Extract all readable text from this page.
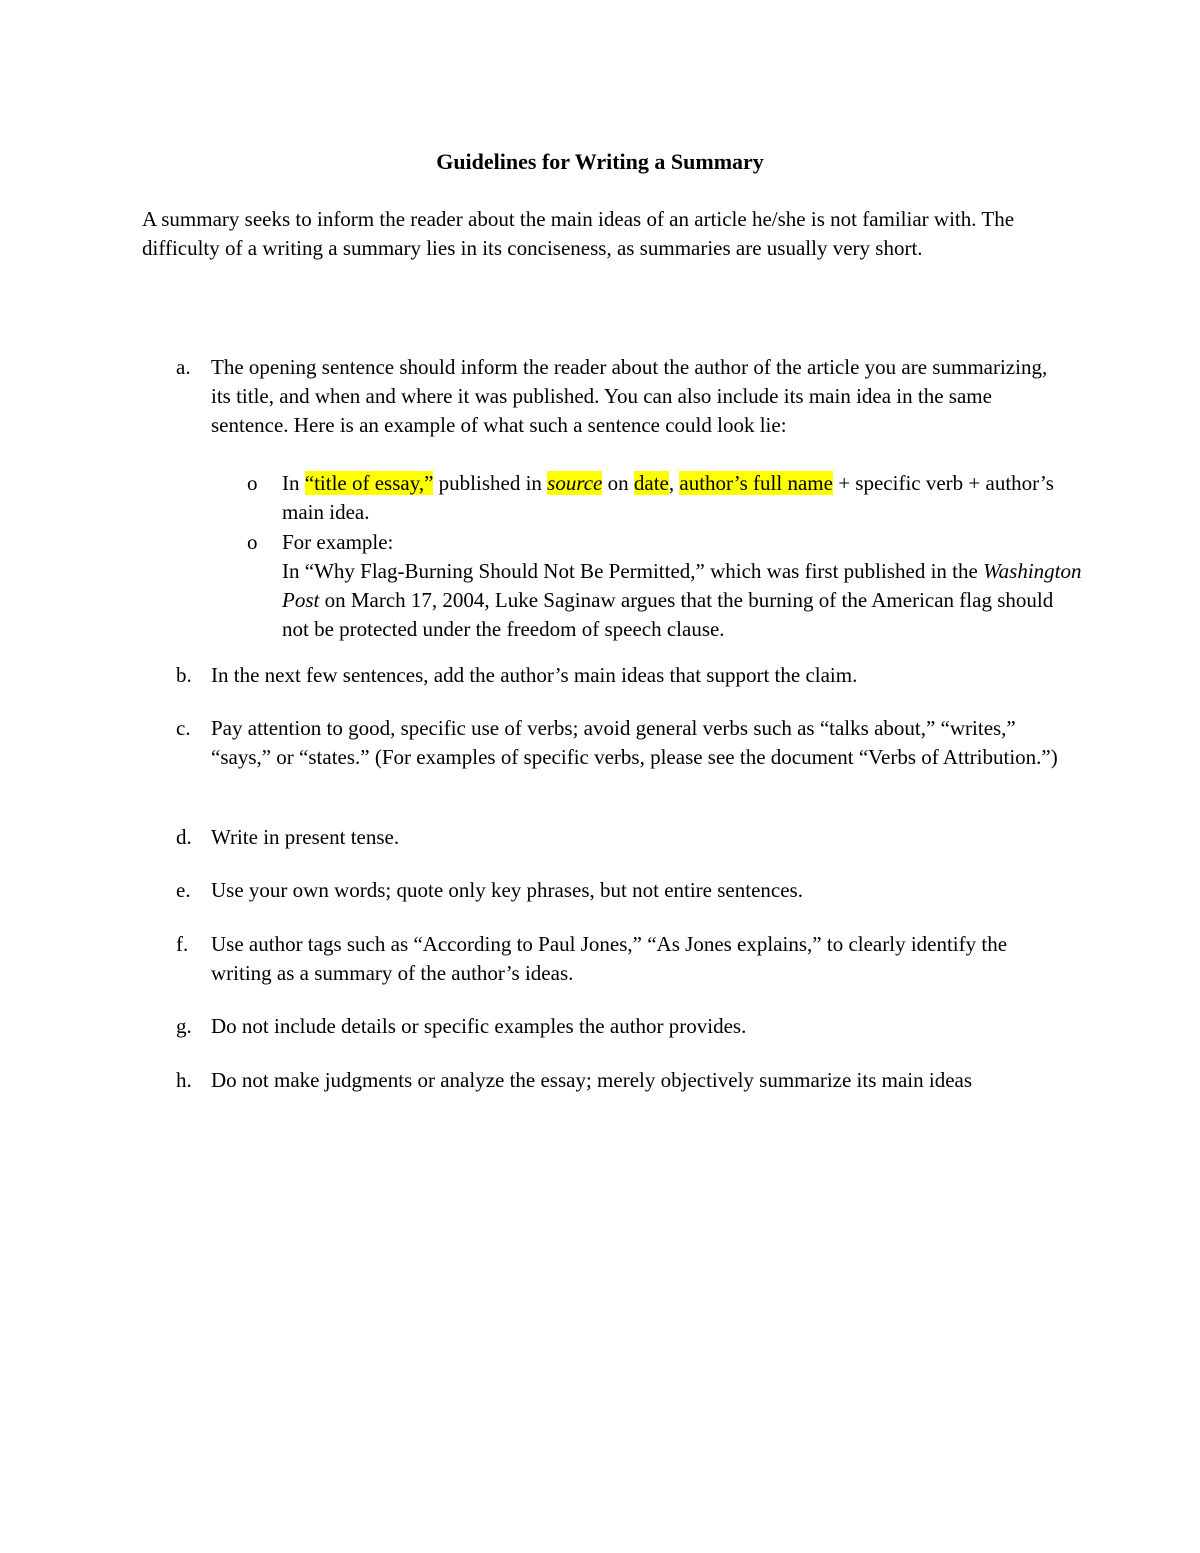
Guidelines for Writing a Summary

A summary seeks to inform the reader about the main ideas of an article he/she is not familiar with. The difficulty of a writing a summary lies in its conciseness, as summaries are usually very short.

a. The opening sentence should inform the reader about the author of the article you are summarizing, its title, and when and where it was published. You can also include its main idea in the same sentence. Here is an example of what such a sentence could look lie:
o In “title of essay,” published in source on date, author’s full name + specific verb + author’s main idea.
o For example:
In “Why Flag-Burning Should Not Be Permitted,” which was first published in the Washington Post on March 17, 2004, Luke Saginaw argues that the burning of the American flag should not be protected under the freedom of speech clause.
b. In the next few sentences, add the author’s main ideas that support the claim.
c. Pay attention to good, specific use of verbs; avoid general verbs such as “talks about,” “writes,” “says,” or “states.” (For examples of specific verbs, please see the document “Verbs of Attribution.”)
d. Write in present tense.
e. Use your own words; quote only key phrases, but not entire sentences.
f. Use author tags such as “According to Paul Jones,” “As Jones explains,” to clearly identify the writing as a summary of the author’s ideas.
g. Do not include details or specific examples the author provides.
h. Do not make judgments or analyze the essay; merely objectively summarize its main ideas
